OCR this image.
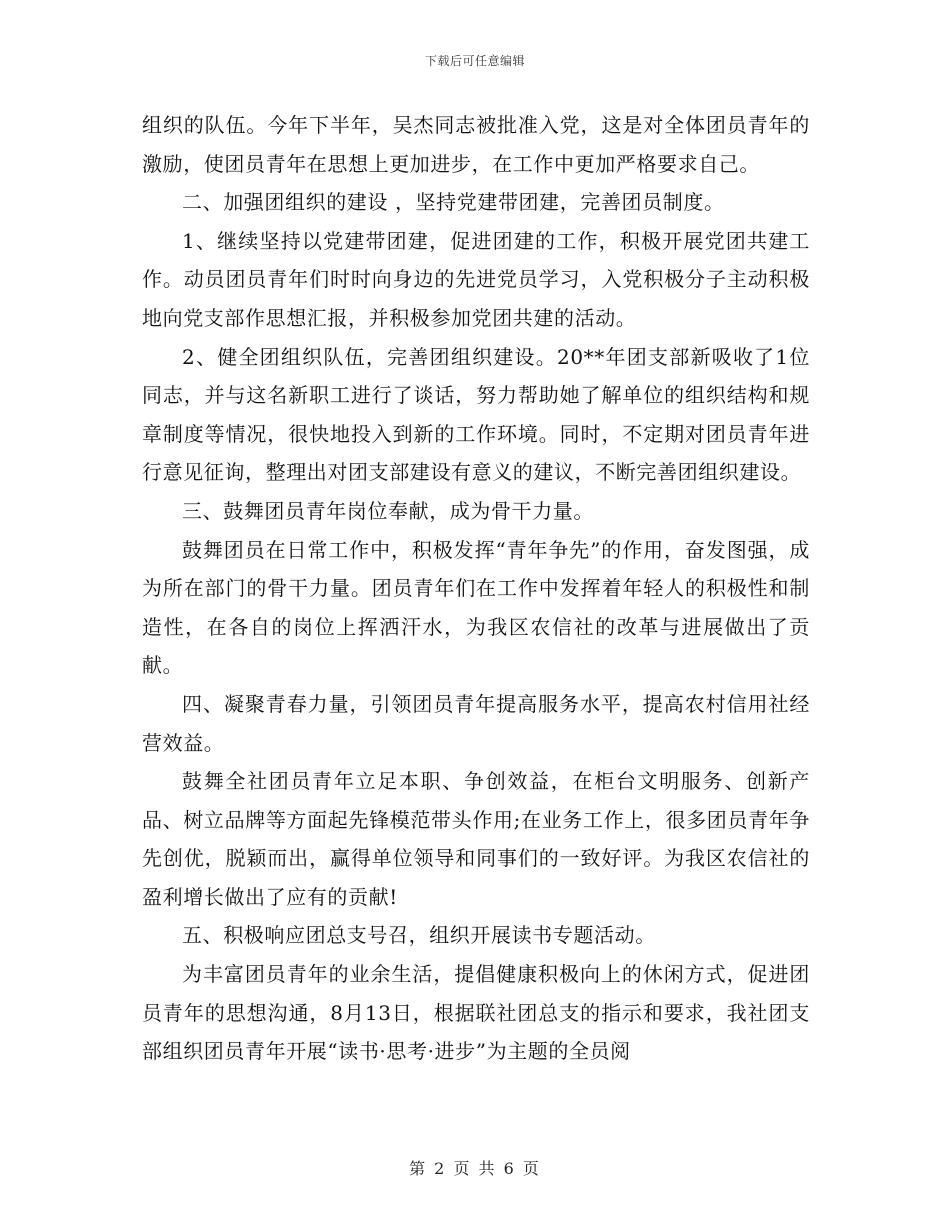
下载后可任意编辑

组织的队伍。今年下半年，吴杰同志被批准入党，这是对全体团员青年的激励，使团员青年在思想上更加进步，在工作中更加严格要求自己。

二、加强团组织的建设 ，坚持党建带团建，完善团员制度。

1、继续坚持以党建带团建，促进团建的工作，积极开展党团共建工作。动员团员青年们时时向身边的先进党员学习，入党积极分子主动积极地向党支部作思想汇报，并积极参加党团共建的活动。

2、健全团组织队伍，完善团组织建设。20**年团支部新吸收了1位同志，并与这名新职工进行了谈话，努力帮助她了解单位的组织结构和规章制度等情况，很快地投入到新的工作环境。同时，不定期对团员青年进行意见征询，整理出对团支部建设有意义的建议，不断完善团组织建设。

三、鼓舞团员青年岗位奉献，成为骨干力量。

鼓舞团员在日常工作中，积极发挥“青年争先”的作用，奋发图强，成为所在部门的骨干力量。团员青年们在工作中发挥着年轻人的积极性和制造性，在各自的岗位上挥洒汗水，为我区农信社的改革与进展做出了贡献。

四、凝聚青春力量，引领团员青年提高服务水平，提高农村信用社经营效益。

鼓舞全社团员青年立足本职、争创效益，在柜台文明服务、创新产品、树立品牌等方面起先锋模范带头作用;在业务工作上，很多团员青年争先创优，脱颖而出，赢得单位领导和同事们的一致好评。为我区农信社的盈利增长做出了应有的贡献!

五、积极响应团总支号召，组织开展读书专题活动。

为丰富团员青年的业余生活，提倡健康积极向上的休闲方式，促进团员青年的思想沟通，8月13日，根据联社团总支的指示和要求，我社团支部组织团员青年开展“读书·思考·进步”为主题的全员阅

第 2 页 共 6 页
